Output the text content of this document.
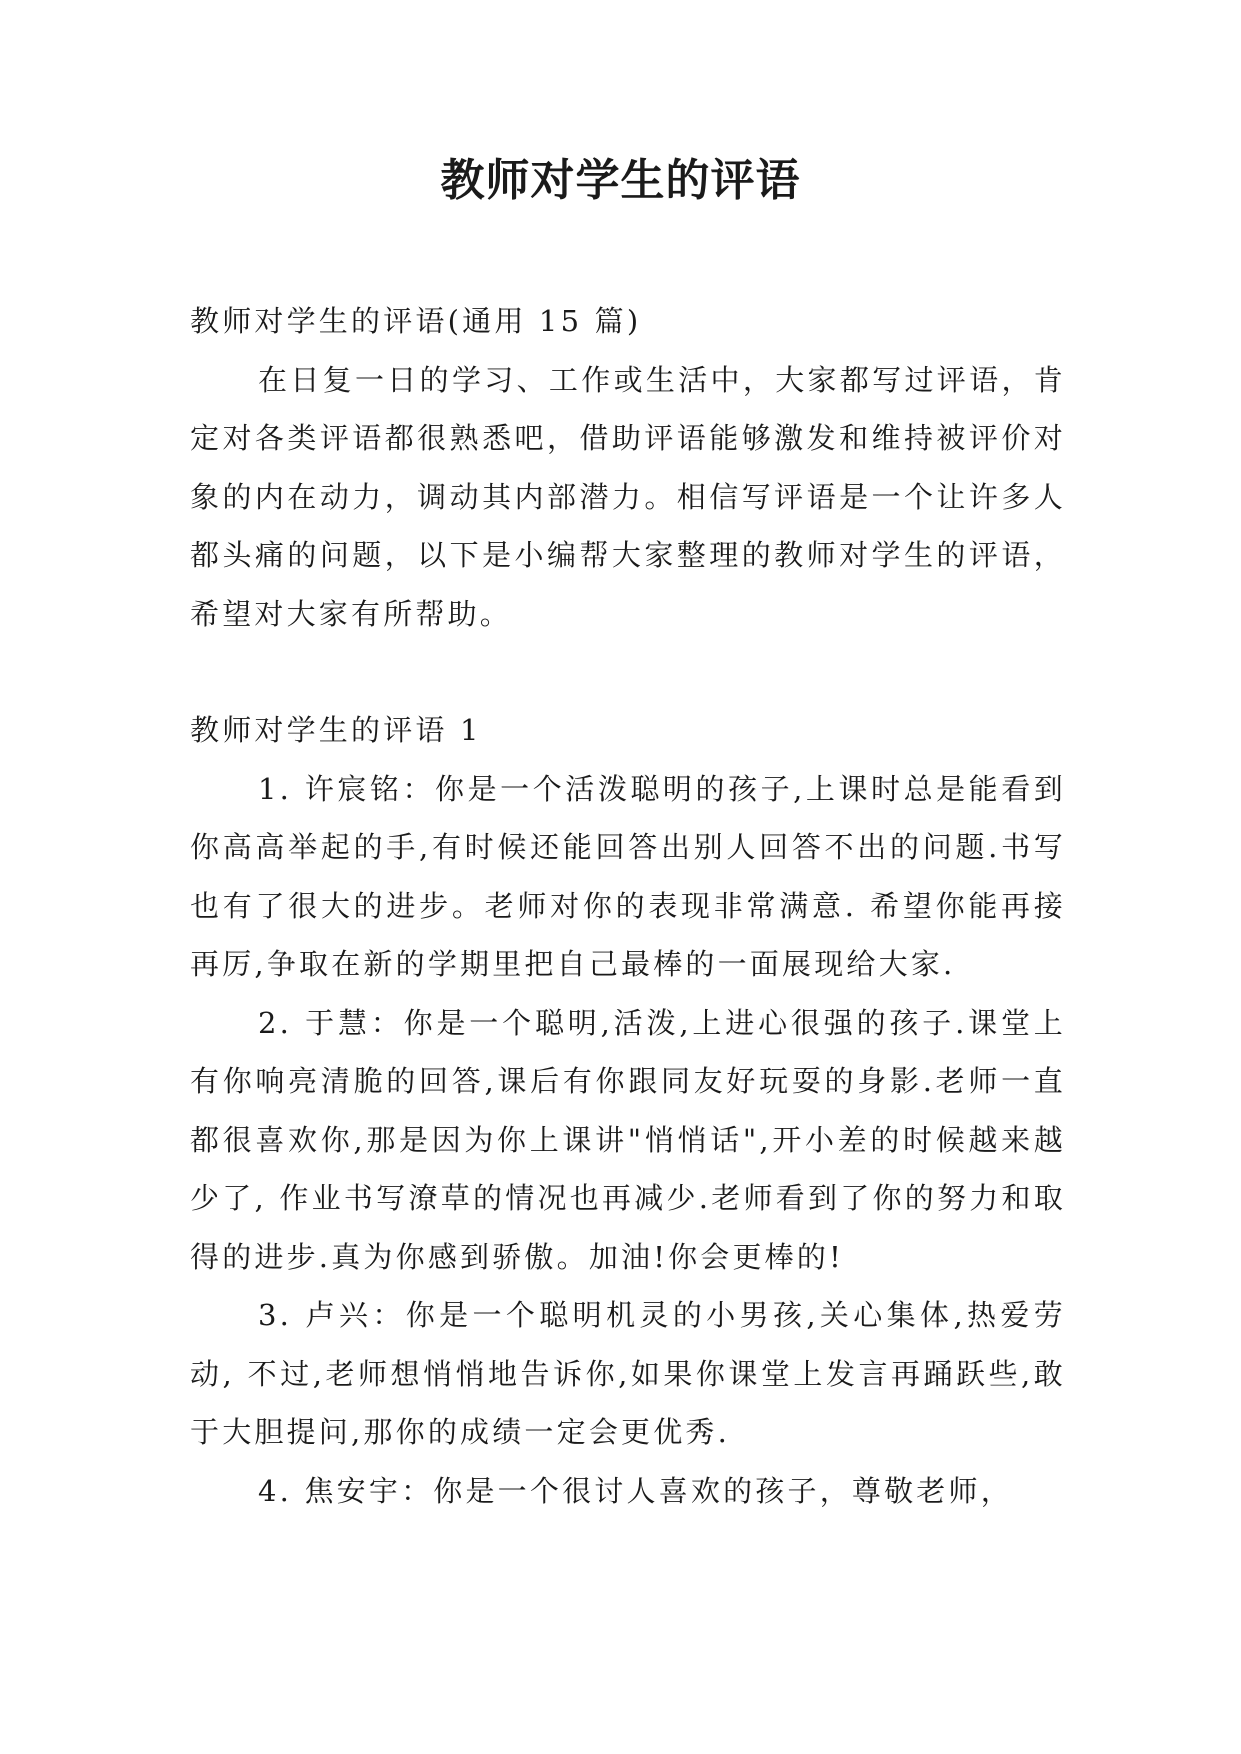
教师对学生的评语

教师对学生的评语(通用 15 篇)

在日复一日的学习、工作或生活中，大家都写过评语，肯定对各类评语都很熟悉吧，借助评语能够激发和维持被评价对象的内在动力，调动其内部潜力。相信写评语是一个让许多人都头痛的问题，以下是小编帮大家整理的教师对学生的评语，希望对大家有所帮助。

教师对学生的评语 1

1. 许宸铭：你是一个活泼聪明的孩子,上课时总是能看到你高高举起的手,有时候还能回答出别人回答不出的问题.书写也有了很大的进步。老师对你的表现非常满意. 希望你能再接再厉,争取在新的学期里把自己最棒的一面展现给大家.

2. 于慧：你是一个聪明,活泼,上进心很强的孩子.课堂上有你响亮清脆的回答,课后有你跟同友好玩耍的身影.老师一直都很喜欢你,那是因为你上课讲"悄悄话",开小差的时候越来越少了, 作业书写潦草的情况也再减少.老师看到了你的努力和取得的进步.真为你感到骄傲。加油!你会更棒的!

3. 卢兴：你是一个聪明机灵的小男孩,关心集体,热爱劳动, 不过,老师想悄悄地告诉你,如果你课堂上发言再踊跃些,敢于大胆提问,那你的成绩一定会更优秀.

4. 焦安宇：你是一个很讨人喜欢的孩子，尊敬老师，
